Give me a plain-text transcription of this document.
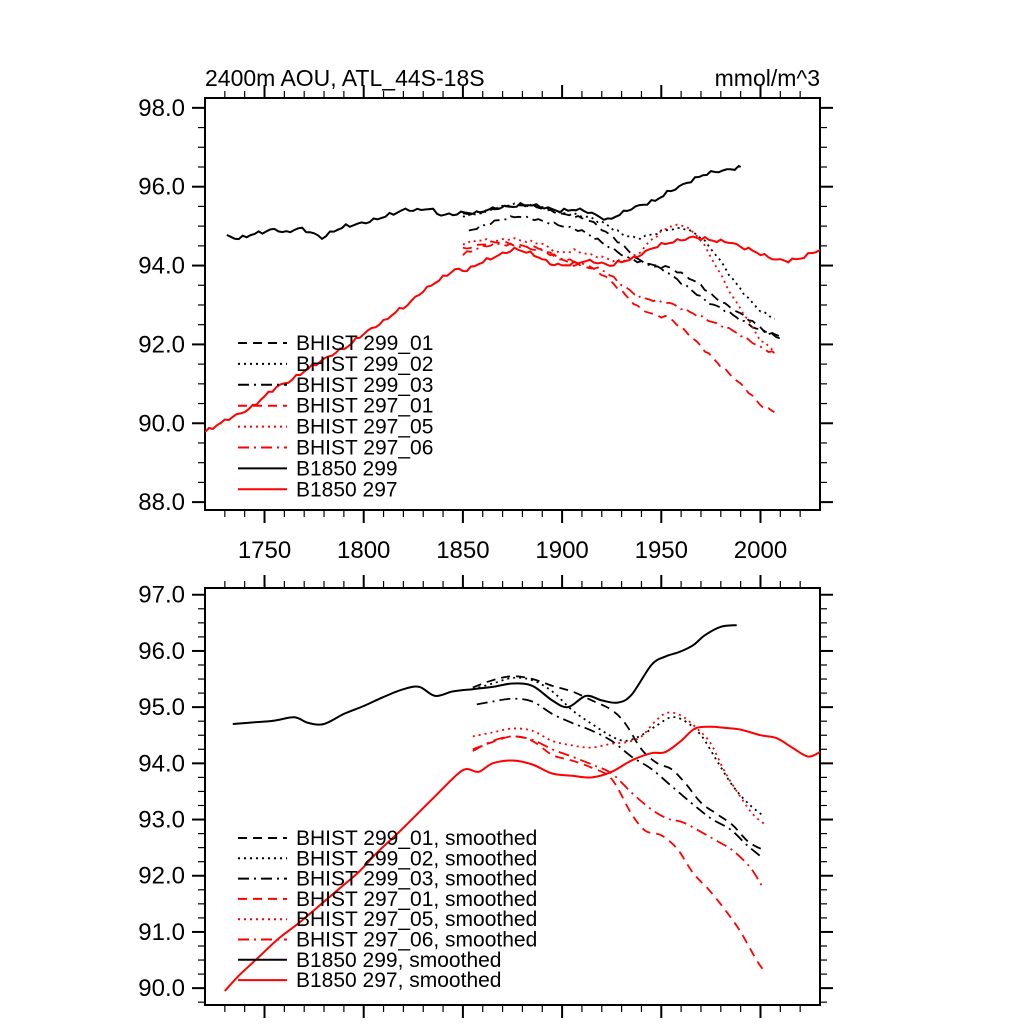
2400m AOU, ATL_44S-18S	mmol/m^3
1750 1800 1850 1900 1950 2000
88.0
90.0
92.0
94.0
96.0
98.0
BHIST 299_01
BHIST 299_02
BHIST 299_03
BHIST 297_01
BHIST 297_05
BHIST 297_06
B1850 299
B1850 297
90.0
91.0
92.0
93.0
94.0
95.0
96.0
97.0
BHIST 299_01, smoothed
BHIST 299_02, smoothed
BHIST 299_03, smoothed
BHIST 297_01, smoothed
BHIST 297_05, smoothed
BHIST 297_06, smoothed
B1850 299, smoothed
B1850 297, smoothed
